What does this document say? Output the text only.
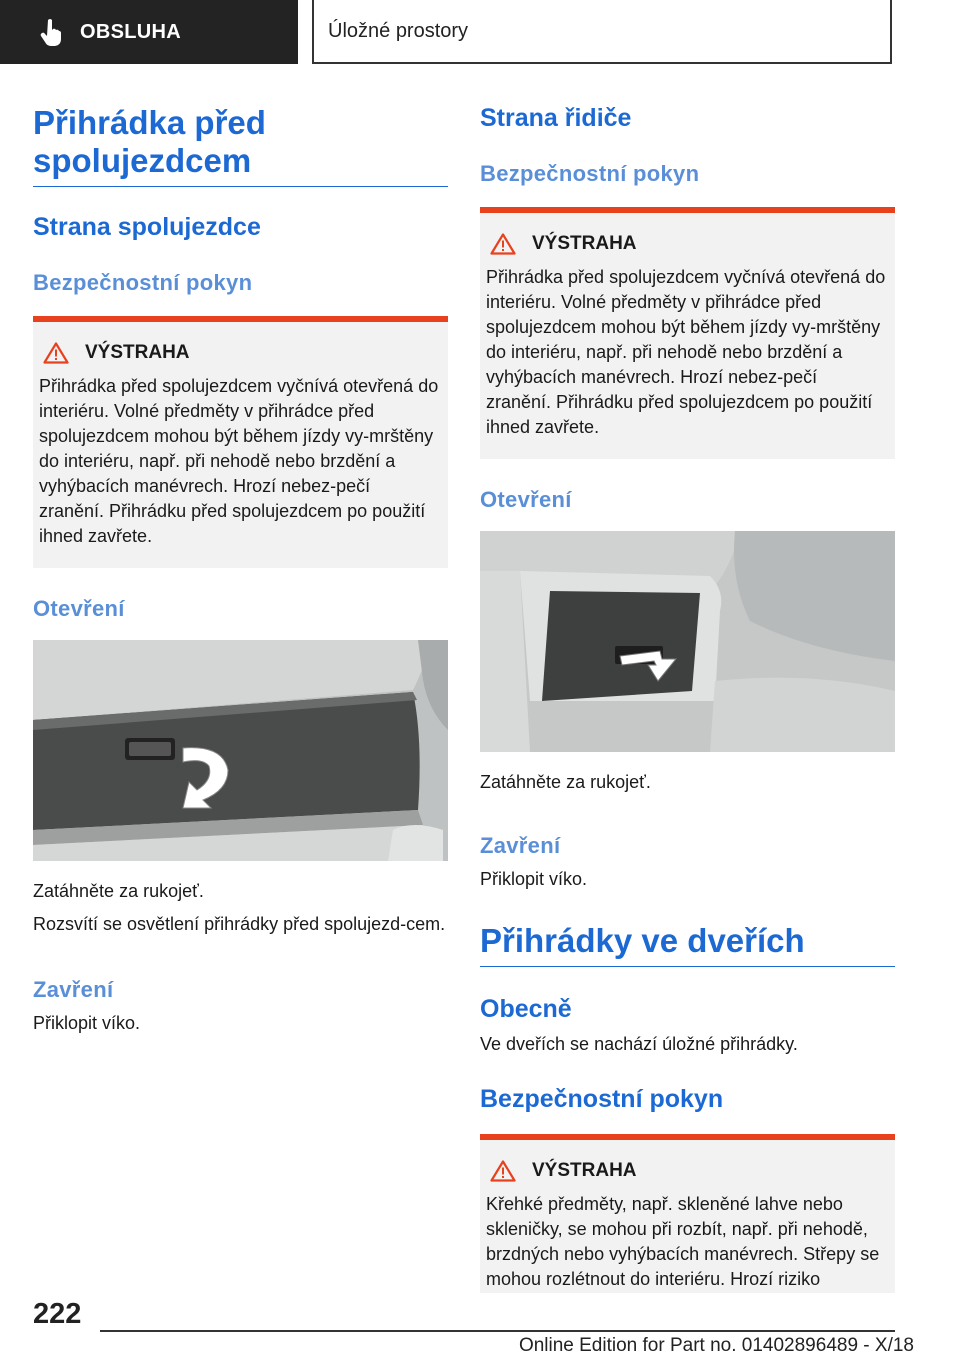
OBSLUHA	Úložné prostory
Přihrádka před spolujezdcem
Strana spolujezdce
Bezpečnostní pokyn
VÝSTRAHA
Přihrádka před spolujezdcem vyčnívá otevřená do interiéru. Volné předměty v přihrádce před spolujezdcem mohou být během jízdy vy-mrštěny do interiéru, např. při nehodě nebo brzdění a vyhýbacích manévrech. Hrozí nebez-pečí zranění. Přihrádku před spolujezdcem po použití ihned zavřete.
Otevření

Zatáhněte za rukojeť.

Rozsvítí se osvětlení přihrádky před spolujezd-cem.

Zavření

Přiklopit víko.

Strana řidiče
Bezpečnostní pokyn
VÝSTRAHA
Přihrádka před spolujezdcem vyčnívá otevřená do interiéru. Volné předměty v přihrádce před spolujezdcem mohou být během jízdy vy-mrštěny do interiéru, např. při nehodě nebo brzdění a vyhýbacích manévrech. Hrozí nebez-pečí zranění. Přihrádku před spolujezdcem po použití ihned zavřete.
Otevření

Zatáhněte za rukojeť.

Zavření

Přiklopit víko.

Přihrádky ve dveřích
Obecně

Ve dveřích se nachází úložné přihrádky.

Bezpečnostní pokyn
VÝSTRAHA
Křehké předměty, např. skleněné lahve nebo skleničky, se mohou při rozbít, např. při nehodě, brzdných nebo vyhýbacích manévrech. Střepy se mohou rozlétnout do interiéru. Hrozí riziko
222
Online Edition for Part no. 01402896489 - X/18
